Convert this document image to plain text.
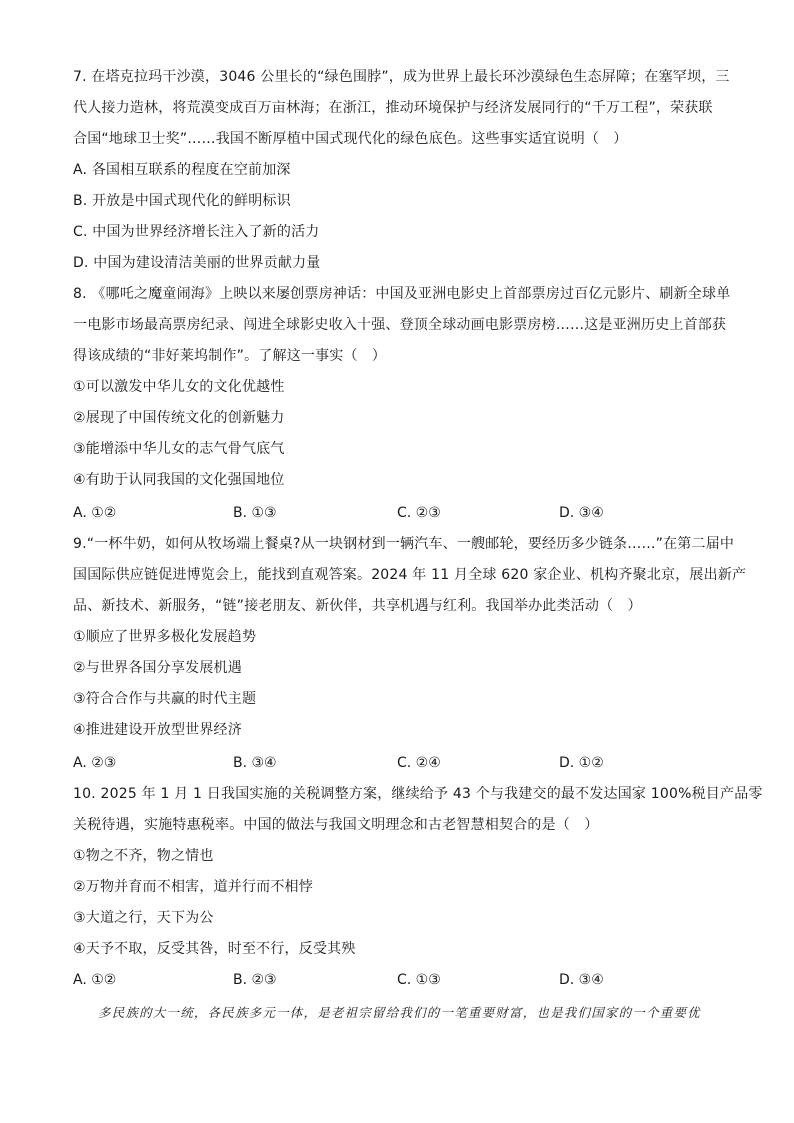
7. 在塔克拉玛干沙漠，3046 公里长的“绿色围脖”，成为世界上最长环沙漠绿色生态屏障；在塞罕坝，三
代人接力造林，将荒漠变成百万亩林海；在浙江，推动环境保护与经济发展同行的“千万工程”，荣获联
合国“地球卫士奖”……我国不断厚植中国式现代化的绿色底色。这些事实适宜说明（　）
A. 各国相互联系的程度在空前加深
B. 开放是中国式现代化的鲜明标识
C. 中国为世界经济增长注入了新的活力
D. 中国为建设清洁美丽的世界贡献力量
8. 《哪吒之魔童闹海》上映以来屡创票房神话：中国及亚洲电影史上首部票房过百亿元影片、刷新全球单
一电影市场最高票房纪录、闯进全球影史收入十强、登顶全球动画电影票房榜……这是亚洲历史上首部获
得该成绩的“非好莱坞制作”。了解这一事实（　）
①可以激发中华儿女的文化优越性
②展现了中国传统文化的创新魅力
③能增添中华儿女的志气骨气底气
④有助于认同我国的文化强国地位
A. ①②	B. ①③	C. ②③	D. ③④
9.“一杯牛奶，如何从牧场端上餐桌?从一块钢材到一辆汽车、一艘邮轮，要经历多少链条……”在第二届中
国国际供应链促进博览会上，能找到直观答案。2024 年 11 月全球 620 家企业、机构齐聚北京，展出新产
品、新技术、新服务，“链”接老朋友、新伙伴，共享机遇与红利。我国举办此类活动（　）
①顺应了世界多极化发展趋势
②与世界各国分享发展机遇
③符合合作与共赢的时代主题
④推进建设开放型世界经济
A. ②③	B. ③④	C. ②④	D. ①②
10. 2025 年 1 月 1 日我国实施的关税调整方案，继续给予 43 个与我建交的最不发达国家 100%税目产品零
关税待遇，实施特惠税率。中国的做法与我国文明理念和古老智慧相契合的是（　）
①物之不齐，物之情也
②万物并育而不相害，道并行而不相悖
③大道之行，天下为公
④天予不取，反受其咎，时至不行，反受其殃
A. ①②	B. ②③	C. ①③	D. ③④
多民族的大一统，各民族多元一体，是老祖宗留给我们的一笔重要财富，也是我们国家的一个重要优
